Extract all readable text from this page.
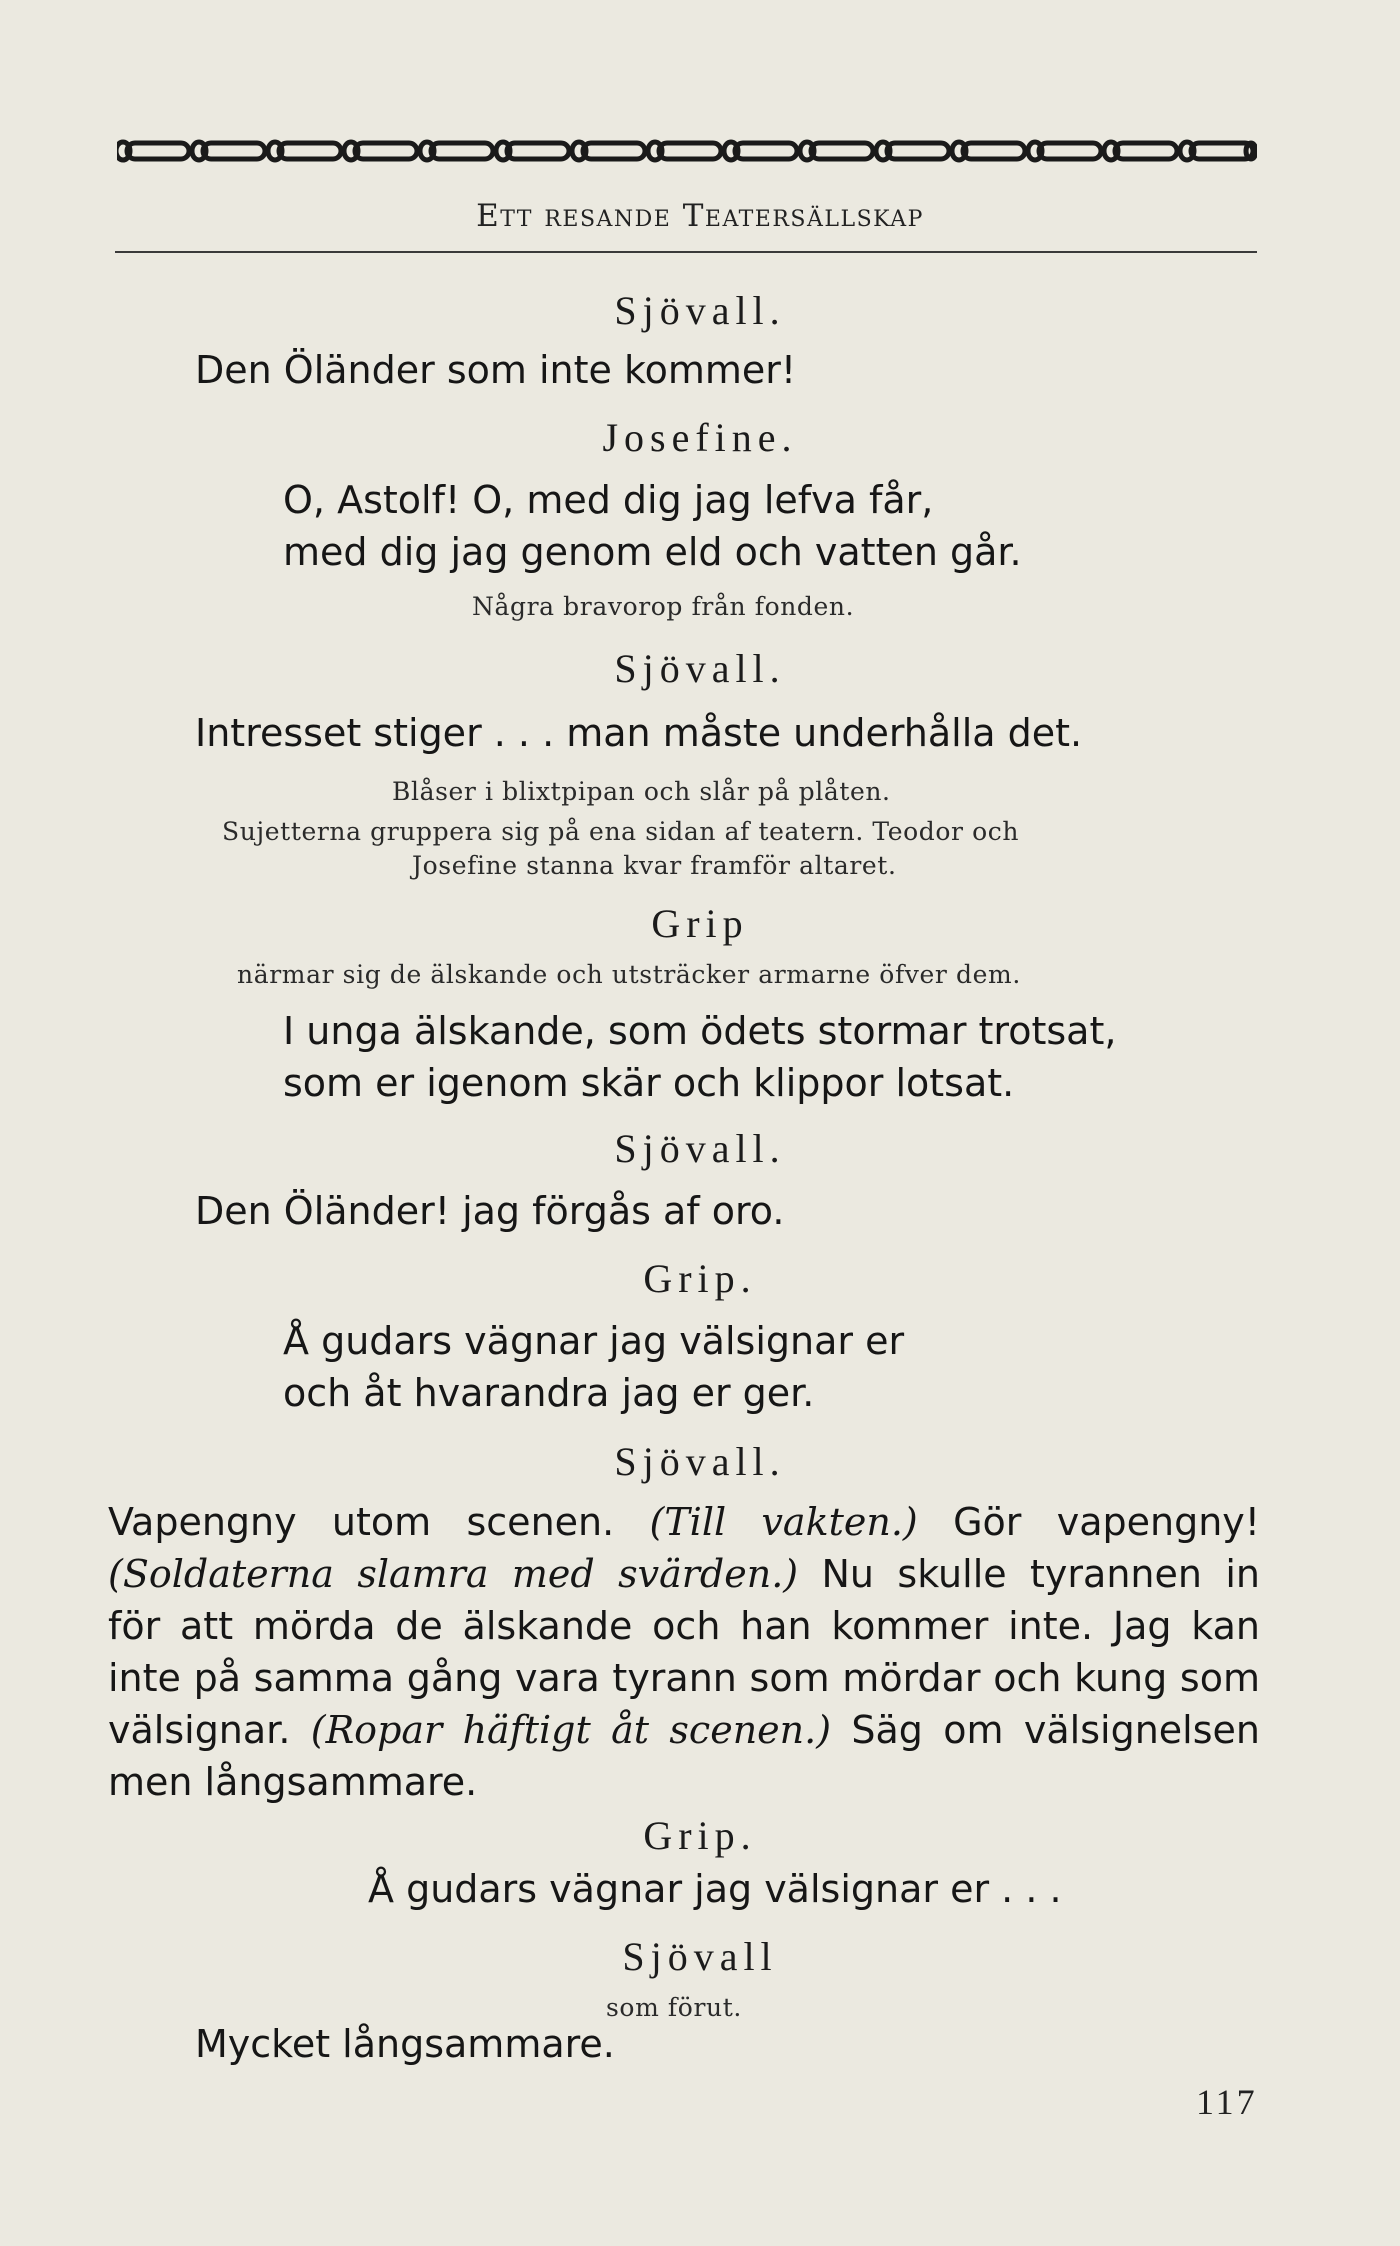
Ett resande Teatersällskap
Sjövall.
Den Öländer som inte kommer!
Josefine.
O, Astolf! O, med dig jag lefva får,
med dig jag genom eld och vatten går.
Några bravorop från fonden.
Sjövall.
Intresset stiger . . . man måste underhålla det.
Blåser i blixtpipan och slår på plåten.
Sujetterna gruppera sig på ena sidan af teatern. Teodor och
Josefine stanna kvar framför altaret.
Grip
närmar sig de älskande och utsträcker armarne öfver dem.
I unga älskande, som ödets stormar trotsat,
som er igenom skär och klippor lotsat.
Sjövall.
Den Öländer! jag förgås af oro.
Grip.
Å gudars vägnar jag välsignar er
och åt hvarandra jag er ger.
Sjövall.
Vapengny utom scenen. (Till vakten.) Gör vapengny!
(Soldaterna slamra med svärden.) Nu skulle tyrannen in
för att mörda de älskande och han kommer inte. Jag kan
inte på samma gång vara tyrann som mördar och kung som
välsignar. (Ropar häftigt åt scenen.) Säg om välsignelsen
men långsammare.
Grip.
Å gudars vägnar jag välsignar er . . .
Sjövall
som förut.
Mycket långsammare.
117
